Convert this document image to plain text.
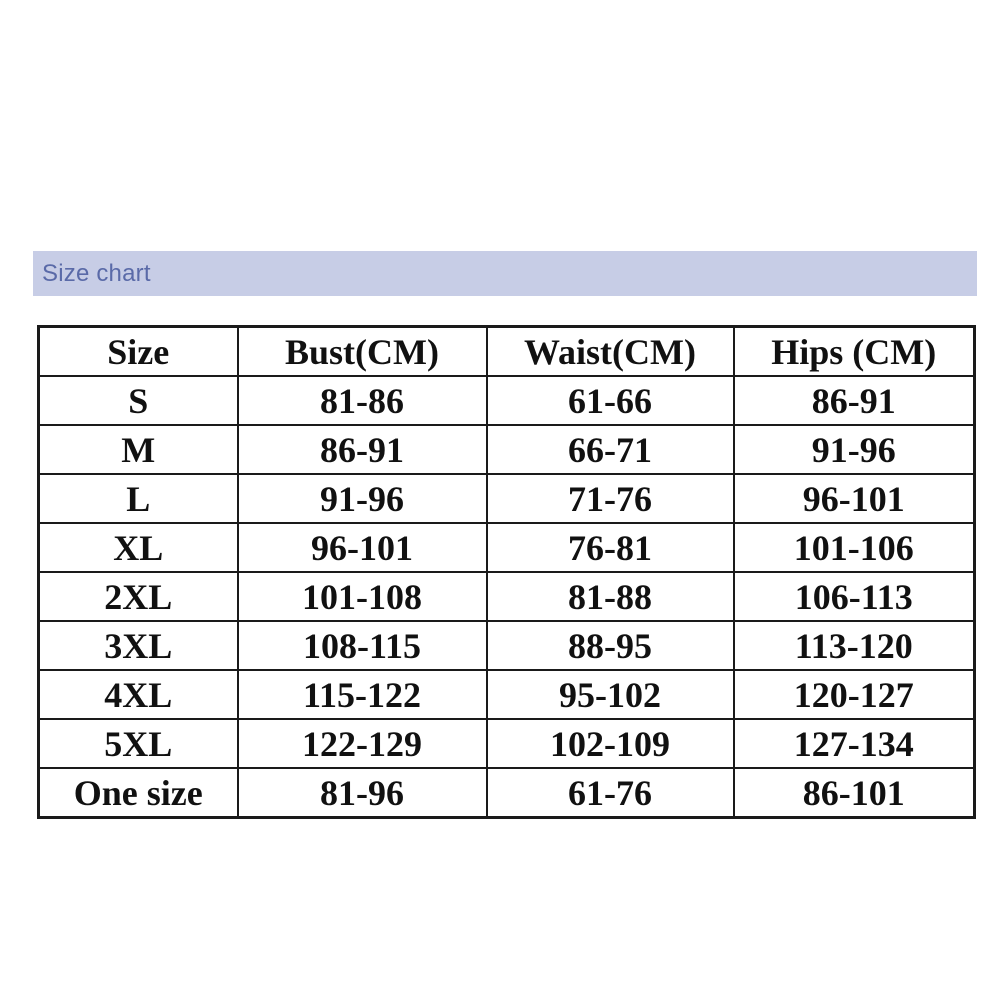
Size chart
Size	Bust(CM)	Waist(CM)	Hips (CM)
S	81-86	61-66	86-91
M	86-91	66-71	91-96
L	91-96	71-76	96-101
XL	96-101	76-81	101-106
2XL	101-108	81-88	106-113
3XL	108-115	88-95	113-120
4XL	115-122	95-102	120-127
5XL	122-129	102-109	127-134
One size	81-96	61-76	86-101
